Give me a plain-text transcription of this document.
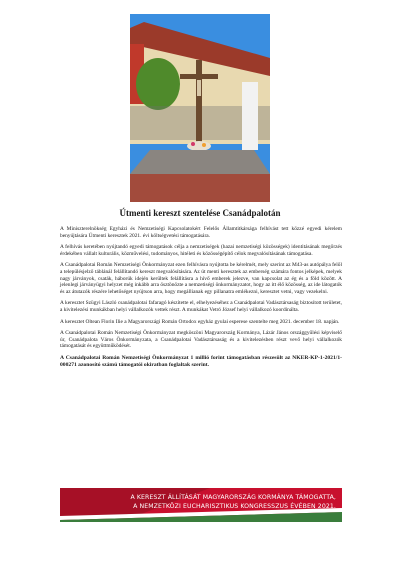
Útmenti kereszt szentelése Csanádpalotán

A Miniszterelnökség Egyházi és Nemzetiségi Kapcsolatokért Felelős Államtitkársága felhívást tett közzé egyedi kérelem benyújtására Útmenti keresztek 2021. évi költségvetési támogatására.

A felhívás keretében nyújtandó egyedi támogatások célja a nemzetiségek (hazai nemzetiségi közösségek) identitásának megőrzés érdekében vállalt kulturális, közművelési, tudományos, hitéleti és közösségépítő célok megvalósításának támogatása.

A Csanádpalotai Román Nemzetiségi Önkormányzat ezen felhívásra nyújtotta be kérelmét, mely szerint az M43-as autópálya felől a településjelző táblánál felállítandó kereszt megvalósítására. Az út menti keresztek az emberség számára fontos jelképek, melyek nagy járványok, csaták, háborúk idején kerültek felállításra a hívő emberek jelezve, van kapcsolat az ég és a föld között. A jelenlegi járványügyi helyzet még inkább arra ösztönözte a nemzetiségi önkormányzatot, hogy az itt élő közösség, az ide látogatók és az átutazók részére lehetőséget nyújtson arra, hogy megállianak egy pillanatra emlékezni, keresztet vetni, vagy vezekelni.

A keresztet Szügyi László csanádpalotai fafaragó készítette el, elhelyezéséhez a Csanádpalotai Vadásztársaság biztosított területet, a kivitelezési munkákban helyi vállalkozók vettek részt. A munkákat Vetró József helyi vállalkozó koordinálta.

A keresztet Oltean Florin Ilie a Magyarországi Román Ortodox egyház gyulai esperese szentelte meg 2021. december 18. napján.

A Csanádpalotai Román Nemzetiségi Önkormányzat megköszöni Magyarország Kormánya, Lázár János országgyűlési képviselő úr, Csanádpalota Város Önkormányzata, a Csanádpalotai Vadásztársaság és a kivitelezésben részt vevő helyi vállalkozók támogatását és együttműködését.

A Csanádpalotai Román Nemzetiségi Önkormányzat 1 millió forint támogatásban részesült az NKER-KP-1-2021/1-000271 azonosító számú támogatói okiratban foglaltak szerint.

A KERESZT ÁLLÍTÁSÁT MAGYARORSZÁG KORMÁNYA TÁMOGATTA,
A NEMZETKÖZI EUCHARISZTIKUS KONGRESSZUS ÉVÉBEN 2021.
